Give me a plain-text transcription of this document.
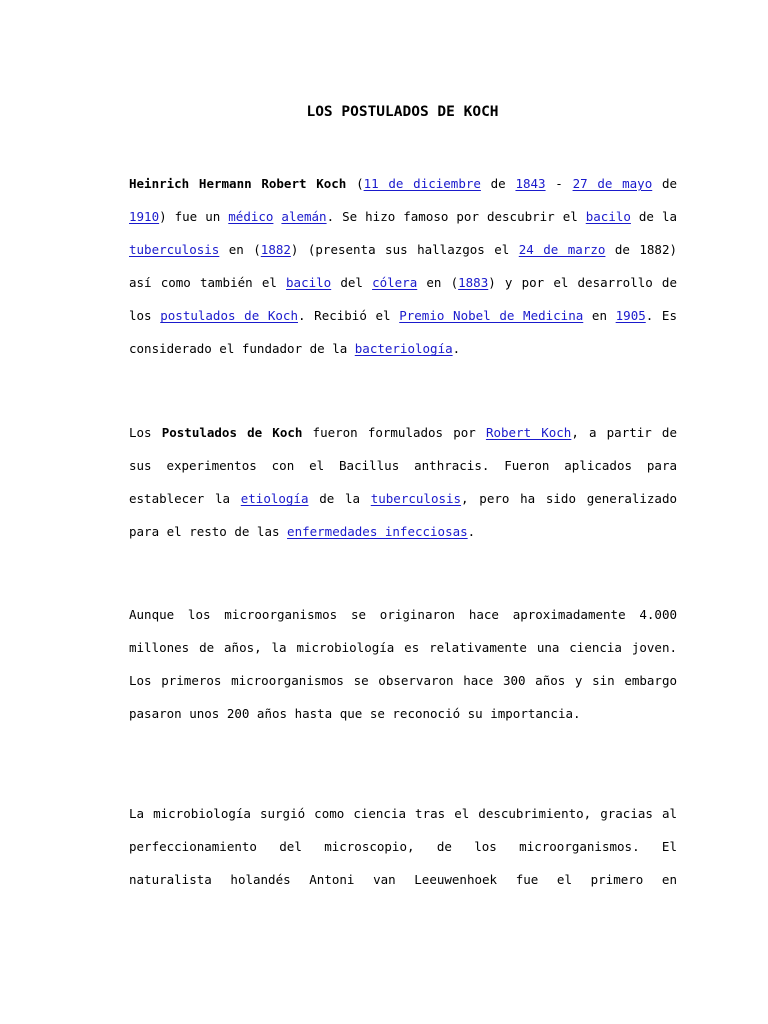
LOS POSTULADOS DE KOCH

Heinrich Hermann Robert Koch (11 de diciembre de 1843 - 27 de mayo de 1910) fue un médico alemán. Se hizo famoso por descubrir el bacilo de la tuberculosis en (1882) (presenta sus hallazgos el 24 de marzo de 1882) así como también el bacilo del cólera en (1883) y por el desarrollo de los postulados de Koch. Recibió el Premio Nobel de Medicina en 1905. Es considerado el fundador de la bacteriología.

Los Postulados de Koch fueron formulados por Robert Koch, a partir de sus experimentos con el Bacillus anthracis. Fueron aplicados para establecer la etiología de la tuberculosis, pero ha sido generalizado para el resto de las enfermedades infecciosas.

Aunque los microorganismos se originaron hace aproximadamente 4.000 millones de años, la microbiología es relativamente una ciencia joven. Los primeros microorganismos se observaron hace 300 años y sin embargo pasaron unos 200 años hasta que se reconoció su importancia.

La microbiología surgió como ciencia tras el descubrimiento, gracias al perfeccionamiento del microscopio, de los microorganismos. El naturalista holandés Antoni van Leeuwenhoek fue el primero en
